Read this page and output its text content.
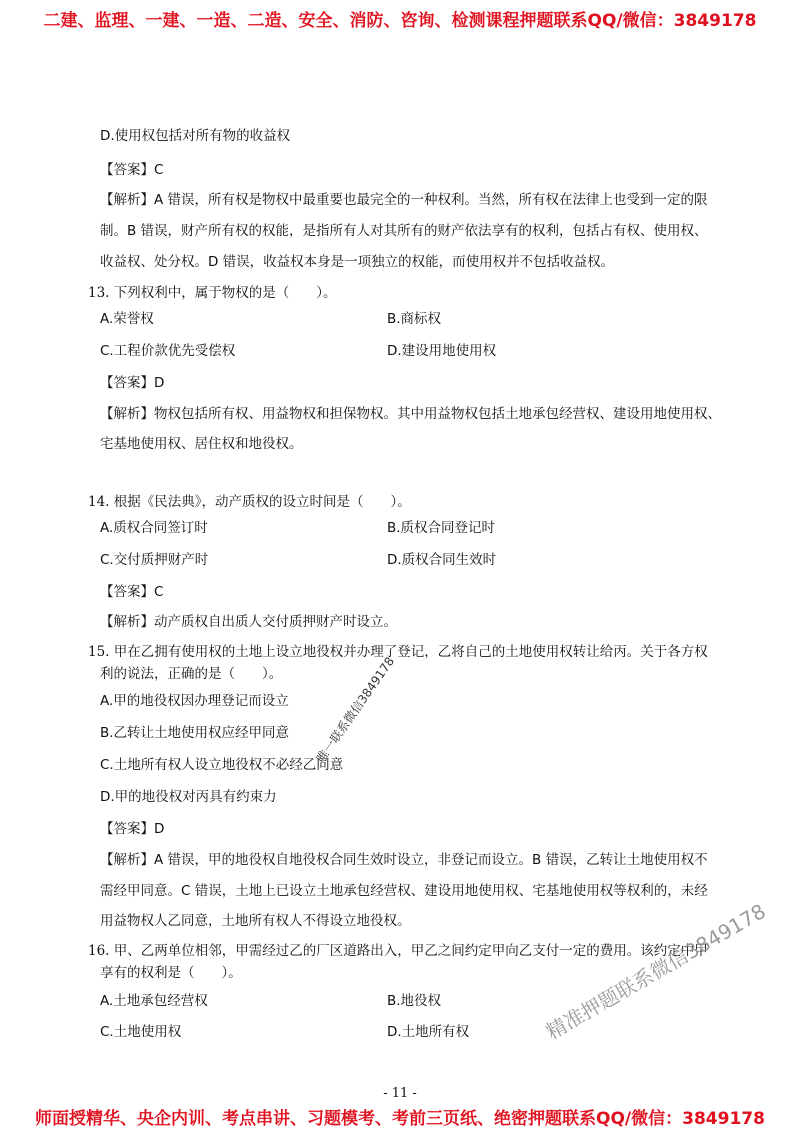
二建、监理、一建、一造、二造、安全、消防、咨询、检测课程押题联系QQ/微信：3849178
D.使用权包括对所有物的收益权
【答案】C
【解析】A 错误，所有权是物权中最重要也最完全的一种权利。当然，所有权在法律上也受到一定的限
制。B 错误，财产所有权的权能，是指所有人对其所有的财产依法享有的权利，包括占有权、使用权、
收益权、处分权。D 错误，收益权本身是一项独立的权能，而使用权并不包括收益权。
13. 下列权利中，属于物权的是（　　）。
A.荣誉权	B.商标权
C.工程价款优先受偿权	D.建设用地使用权
【答案】D
【解析】物权包括所有权、用益物权和担保物权。其中用益物权包括土地承包经营权、建设用地使用权、
宅基地使用权、居住权和地役权。
14. 根据《民法典》，动产质权的设立时间是（　　）。
A.质权合同签订时	B.质权合同登记时
C.交付质押财产时	D.质权合同生效时
【答案】C
【解析】动产质权自出质人交付质押财产时设立。
15. 甲在乙拥有使用权的土地上设立地役权并办理了登记，乙将自己的土地使用权转让给丙。关于各方权
利的说法，正确的是（　　）。
A.甲的地役权因办理登记而设立
B.乙转让土地使用权应经甲同意
C.土地所有权人设立地役权不必经乙同意
D.甲的地役权对丙具有约束力
【答案】D
【解析】A 错误，甲的地役权自地役权合同生效时设立，非登记而设立。B 错误，乙转让土地使用权不
需经甲同意。C 错误，土地上已设立土地承包经营权、建设用地使用权、宅基地使用权等权利的，未经
用益物权人乙同意，土地所有权人不得设立地役权。
16. 甲、乙两单位相邻，甲需经过乙的厂区道路出入，甲乙之间约定甲向乙支付一定的费用。该约定中甲
享有的权利是（　　）。
A.土地承包经营权	B.地役权
C.土地使用权	D.土地所有权
唯一联系微信3849178
精准押题联系微信3849178
- 11 -
师面授精华、央企内训、考点串讲、习题模考、考前三页纸、绝密押题联系QQ/微信：3849178
